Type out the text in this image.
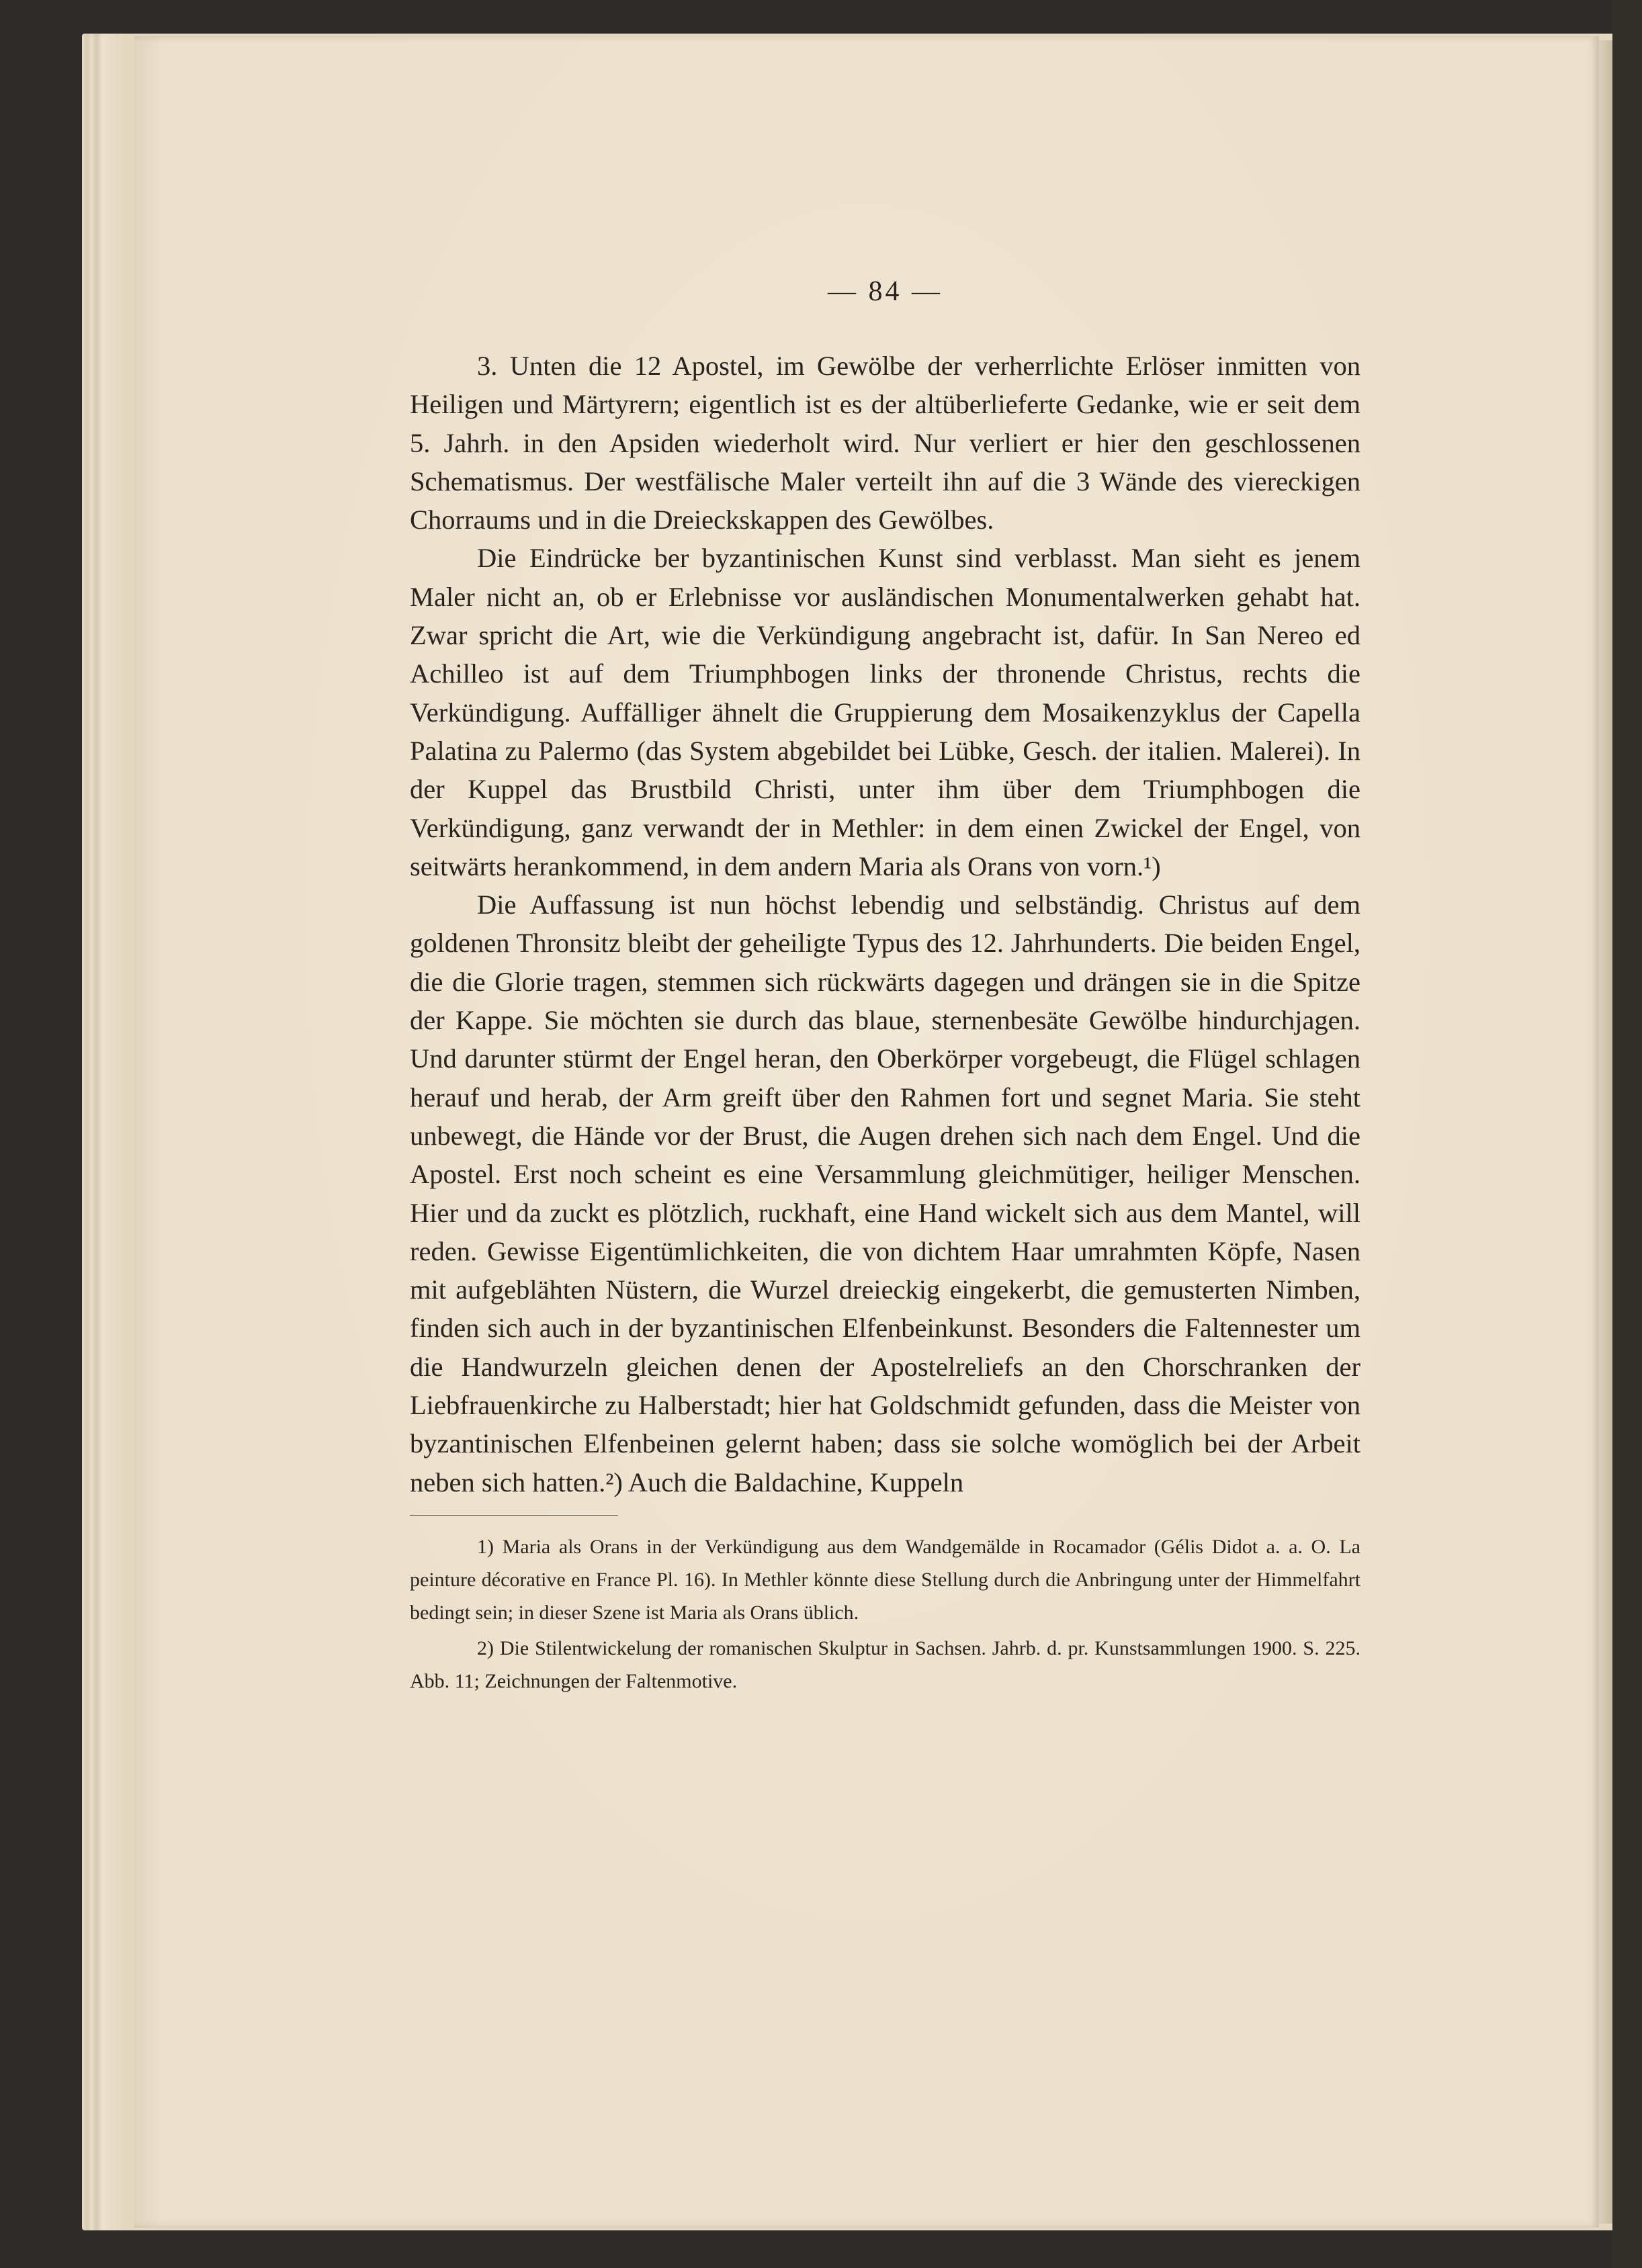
— 84 —

3. Unten die 12 Apostel, im Gewölbe der verherrlichte Erlöser inmitten von Heiligen und Märtyrern; eigentlich ist es der altüberlieferte Gedanke, wie er seit dem 5. Jahrh. in den Apsiden wiederholt wird. Nur verliert er hier den geschlossenen Schematismus. Der westfälische Maler verteilt ihn auf die 3 Wände des viereckigen Chorraums und in die Dreieckskappen des Gewölbes.

Die Eindrücke ber byzantinischen Kunst sind verblasst. Man sieht es jenem Maler nicht an, ob er Erlebnisse vor ausländischen Monumentalwerken gehabt hat. Zwar spricht die Art, wie die Verkündigung angebracht ist, dafür. In San Nereo ed Achilleo ist auf dem Triumphbogen links der thronende Christus, rechts die Verkündigung. Auffälliger ähnelt die Gruppierung dem Mosaikenzyklus der Capella Palatina zu Palermo (das System abgebildet bei Lübke, Gesch. der italien. Malerei). In der Kuppel das Brustbild Christi, unter ihm über dem Triumphbogen die Verkündigung, ganz verwandt der in Methler: in dem einen Zwickel der Engel, von seitwärts herankommend, in dem andern Maria als Orans von vorn.¹)

Die Auffassung ist nun höchst lebendig und selbständig. Christus auf dem goldenen Thronsitz bleibt der geheiligte Typus des 12. Jahrhunderts. Die beiden Engel, die die Glorie tragen, stemmen sich rückwärts dagegen und drängen sie in die Spitze der Kappe. Sie möchten sie durch das blaue, sternenbesäte Gewölbe hindurchjagen. Und darunter stürmt der Engel heran, den Oberkörper vorgebeugt, die Flügel schlagen herauf und herab, der Arm greift über den Rahmen fort und segnet Maria. Sie steht unbewegt, die Hände vor der Brust, die Augen drehen sich nach dem Engel. Und die Apostel. Erst noch scheint es eine Versammlung gleichmütiger, heiliger Menschen. Hier und da zuckt es plötzlich, ruckhaft, eine Hand wickelt sich aus dem Mantel, will reden. Gewisse Eigentümlichkeiten, die von dichtem Haar umrahmten Köpfe, Nasen mit aufgeblähten Nüstern, die Wurzel dreieckig eingekerbt, die gemusterten Nimben, finden sich auch in der byzantinischen Elfenbeinkunst. Besonders die Faltennester um die Handwurzeln gleichen denen der Apostelreliefs an den Chorschranken der Liebfrauenkirche zu Halberstadt; hier hat Goldschmidt gefunden, dass die Meister von byzantinischen Elfenbeinen gelernt haben; dass sie solche womöglich bei der Arbeit neben sich hatten.²) Auch die Baldachine, Kuppeln

1) Maria als Orans in der Verkündigung aus dem Wandgemälde in Rocamador (Gélis Didot a. a. O. La peinture décorative en France Pl. 16). In Methler könnte diese Stellung durch die Anbringung unter der Himmelfahrt bedingt sein; in dieser Szene ist Maria als Orans üblich.

2) Die Stilentwickelung der romanischen Skulptur in Sachsen. Jahrb. d. pr. Kunstsammlungen 1900. S. 225. Abb. 11; Zeichnungen der Faltenmotive.
